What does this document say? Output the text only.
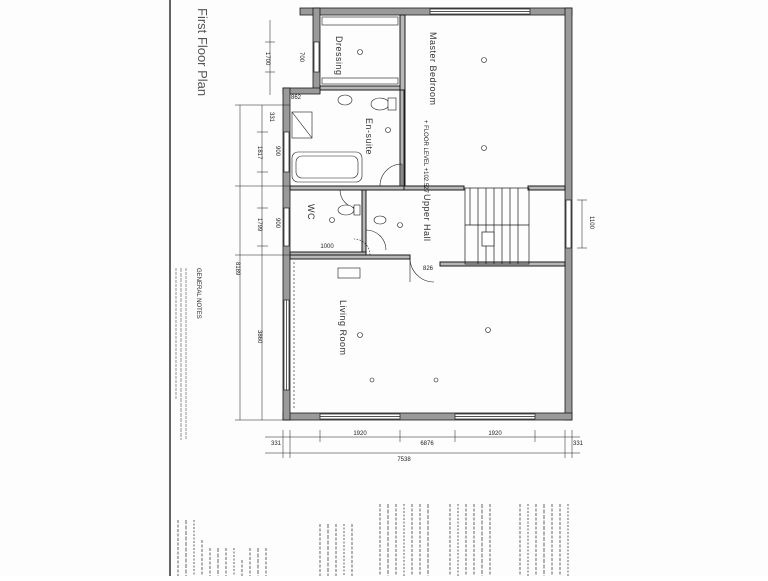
First Floor Plan	Dressing	Master Bedroom
En-suite
WC	Upper Hall
Living Room
+ FLOOR LEVEL +102.527
7538
6876
331	331
1920	1920
8189
3860
1799
1817 900
900
1000
1700	700
862
826
1100
331
GENERAL NOTES
